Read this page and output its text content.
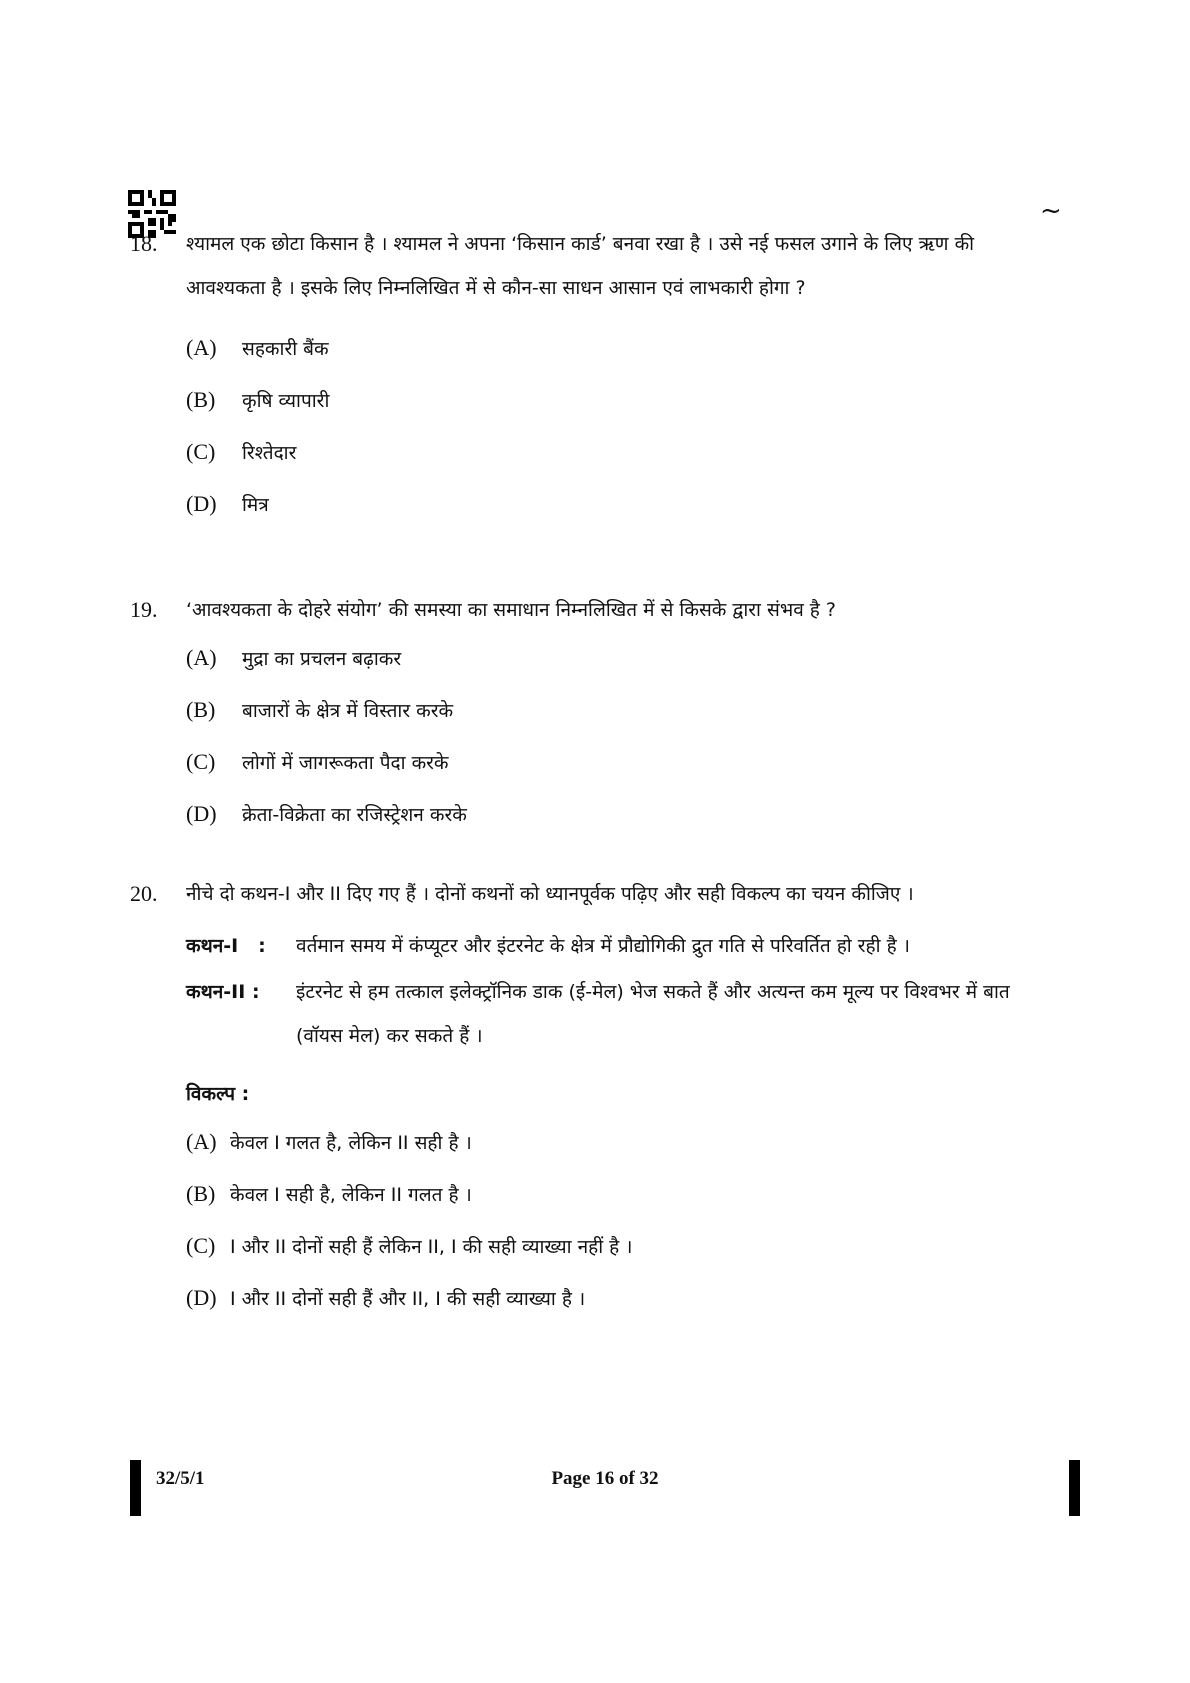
~
18.	श्यामल एक छोटा किसान है । श्यामल ने अपना ‘किसान कार्ड’ बनवा रखा है । उसे नई फसल उगाने के लिए ऋण की आवश्यकता है । इसके लिए निम्नलिखित में से कौन-सा साधन आसान एवं लाभकारी होगा ?
(A)	सहकारी बैंक
(B)	कृषि व्यापारी
(C)	रिश्तेदार
(D)	मित्र
19.	‘आवश्यकता के दोहरे संयोग’ की समस्या का समाधान निम्नलिखित में से किसके द्वारा संभव है ?
(A)	मुद्रा का प्रचलन बढ़ाकर
(B)	बाजारों के क्षेत्र में विस्तार करके
(C)	लोगों में जागरूकता पैदा करके
(D)	क्रेता-विक्रेता का रजिस्ट्रेशन करके
20.	नीचे दो कथन-I और II दिए गए हैं । दोनों कथनों को ध्यानपूर्वक पढ़िए और सही विकल्प का चयन कीजिए ।
कथन-I :	वर्तमान समय में कंप्यूटर और इंटरनेट के क्षेत्र में प्रौद्योगिकी द्रुत गति से परिवर्तित हो रही है ।
कथन-II :	इंटरनेट से हम तत्काल इलेक्ट्रॉनिक डाक (ई-मेल) भेज सकते हैं और अत्यन्त कम मूल्य पर विश्वभर में बात (वॉयस मेल) कर सकते हैं ।
विकल्प :
(A) केवल I गलत है, लेकिन II सही है ।
(B) केवल I सही है, लेकिन II गलत है ।
(C) I और II दोनों सही हैं लेकिन II, I की सही व्याख्या नहीं है ।
(D) I और II दोनों सही हैं और II, I की सही व्याख्या है ।
32/5/1	Page 16 of 32
